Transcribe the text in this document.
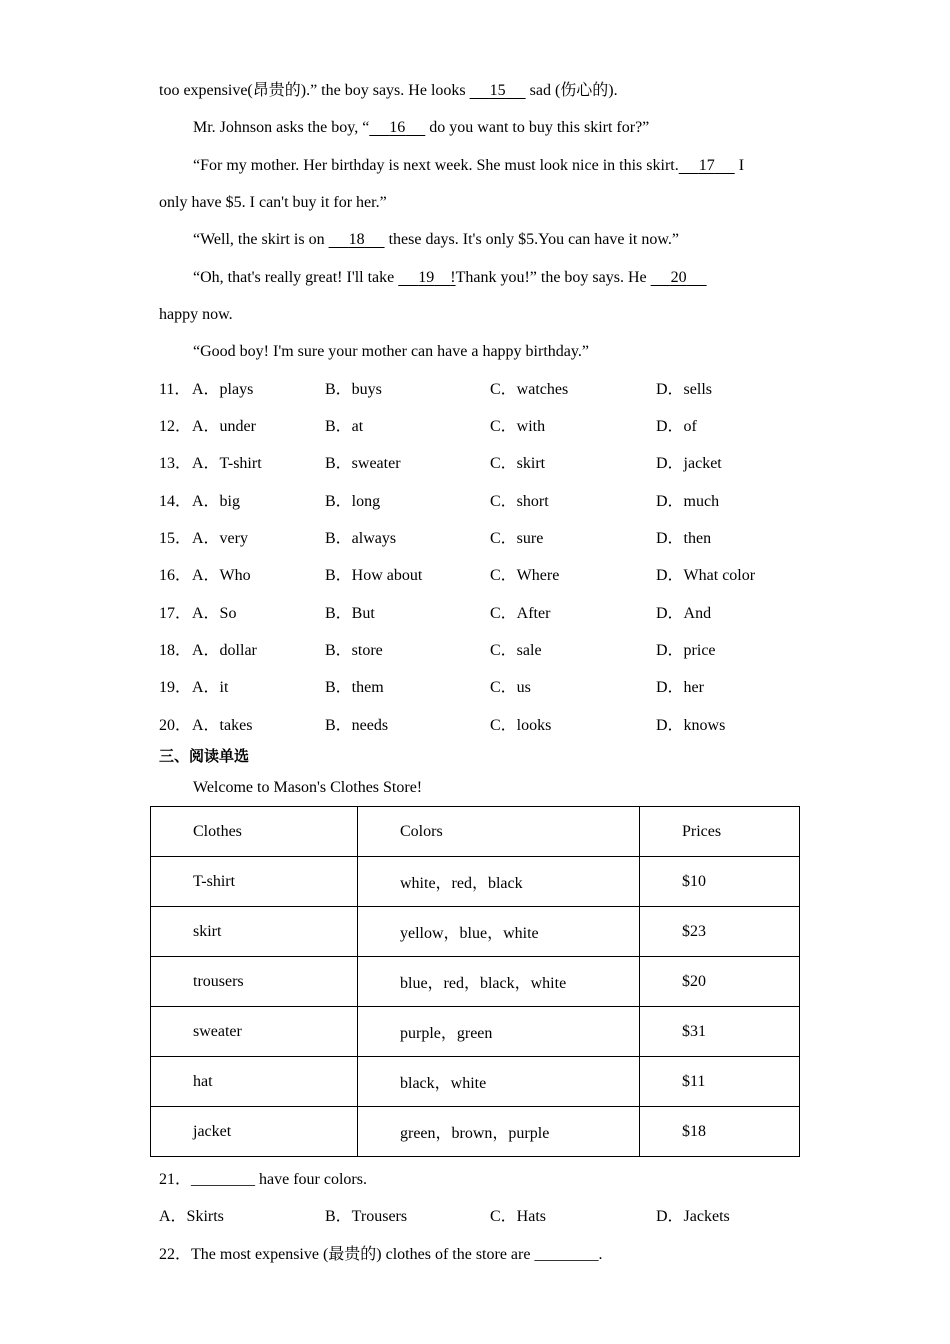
too expensive(昂贵的).” the boy says. He looks      15      sad (伤心的).
Mr. Johnson asks the boy, “ 16      do you want to buy this skirt for?”
“For my mother. Her birthday is next week. She must look nice in this skirt. 17      I
only have $5. I can't buy it for her.”
“Well, the skirt is on      18      these days. It's only $5.You can have it now.”
“Oh, that's really great! I'll take      19 !Thank you!” the boy says. He      20
happy now.
“Good boy! I'm sure your mother can have a happy birthday.”
11． A．plays	B．buys	C．watches	D．sells
12． A．under	B．at	C．with	D．of
13． A．T-shirt	B．sweater	C．skirt	D．jacket
14． A．big	B．long	C．short	D．much
15． A．very	B．always	C．sure	D．then
16． A．Who	B．How about	C．Where	D．What color
17． A．So	B．But	C．After	D．And
18． A．dollar	B．store	C．sale	D．price
19． A．it	B．them	C．us	D．her
20． A．takes	B．needs	C．looks	D．knows
三、阅读单选
Welcome to Mason's Clothes Store!
Clothes	Colors	Prices
T-shirt	white，red，black	$10
skirt	yellow，blue，white	$23
trousers	blue，red，black，white	$20
sweater	purple，green	$31
hat	black，white	$11
jacket	green，brown，purple	$18
21．________ have four colors.
A．Skirts	B．Trousers	C．Hats	D．Jackets
22．The most expensive (最贵的) clothes of the store are ________.
